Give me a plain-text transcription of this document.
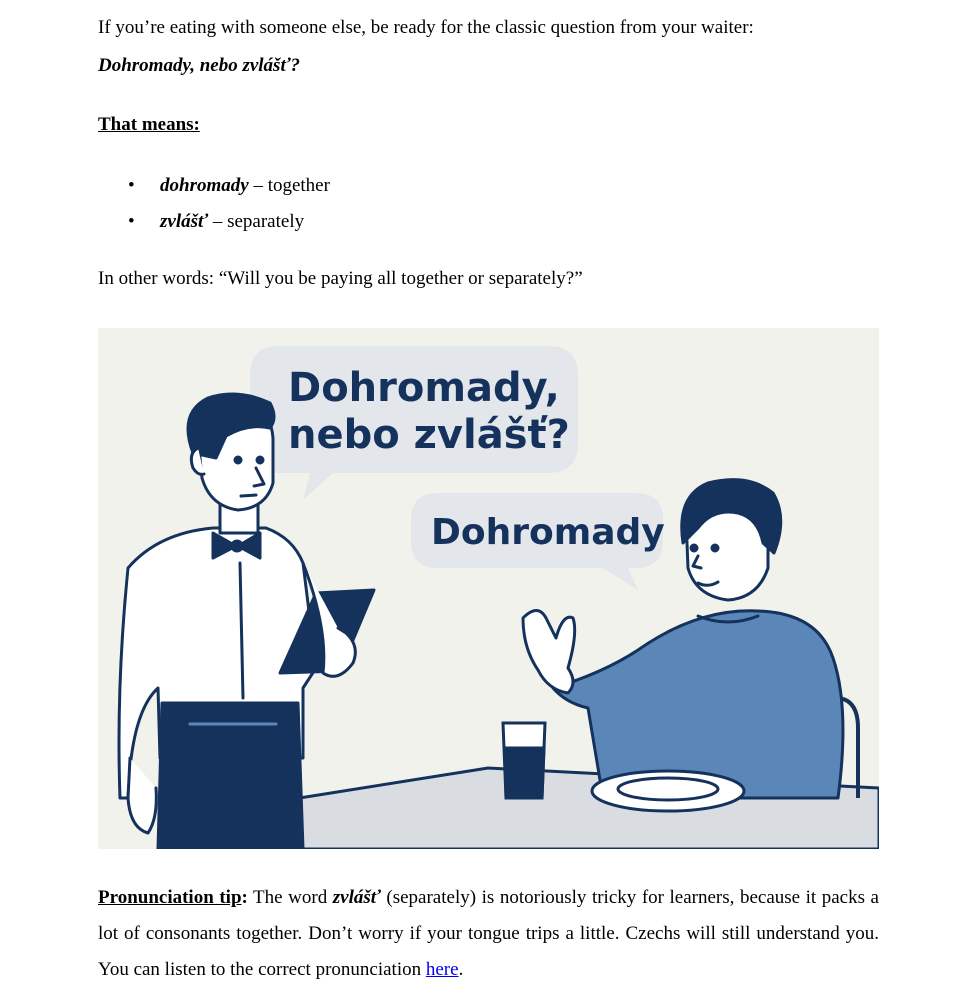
If you’re eating with someone else, be ready for the classic question from your waiter:
Dohromady, nebo zvlášť?
That means:
• dohromady – together
• zvlášť – separately
In other words: “Will you be paying all together or separately?”
Dohromady,
nebo zvlášť?
Dohromady
Pronunciation tip: The word zvlášť (separately) is notoriously tricky for learners, because it packs a lot of consonants together. Don’t worry if your tongue trips a little. Czechs will still understand you. You can listen to the correct pronunciation here.
